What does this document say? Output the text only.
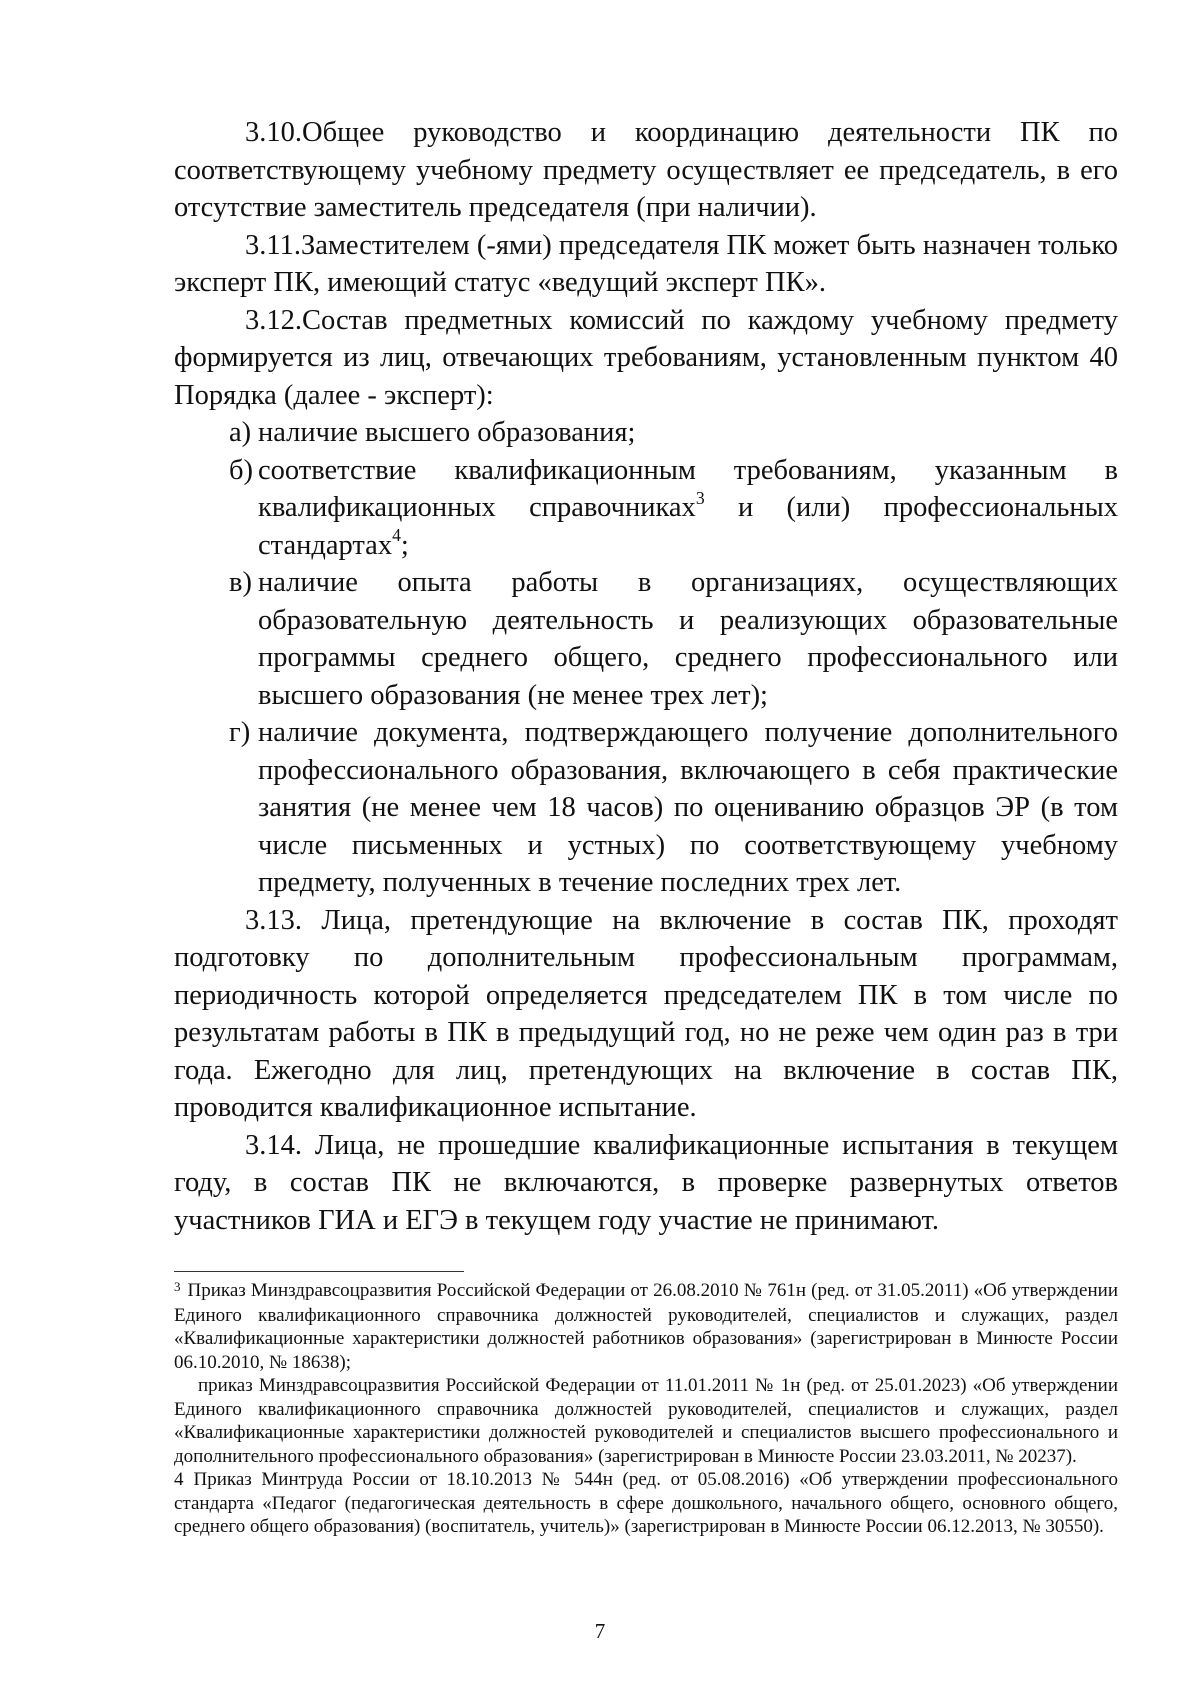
3.10.Общее руководство и координацию деятельности ПК по соответствующему учебному предмету осуществляет ее председатель, в его отсутствие заместитель председателя (при наличии).

3.11.Заместителем (-ями) председателя ПК может быть назначен только эксперт ПК, имеющий статус «ведущий эксперт ПК».

3.12.Состав предметных комиссий по каждому учебному предмету формируется из лиц, отвечающих требованиям, установленным пунктом 40 Порядка (далее - эксперт):

а) наличие высшего образования;
б) соответствие квалификационным требованиям, указанным в квалификационных справочниках$^3$ и (или) профессиональных стандартах$^4$;
в) наличие опыта работы в организациях, осуществляющих образовательную деятельность и реализующих образовательные программы среднего общего, среднего профессионального или высшего образования (не менее трех лет);
г) наличие документа, подтверждающего получение дополнительного профессионального образования, включающего в себя практические занятия (не менее чем 18 часов) по оцениванию образцов ЭР (в том числе письменных и устных) по соответствующему учебному предмету, полученных в течение последних трех лет.

3.13. Лица, претендующие на включение в состав ПК, проходят подготовку по дополнительным профессиональным программам, периодичность которой определяется председателем ПК в том числе по результатам работы в ПК в предыдущий год, но не реже чем один раз в три года. Ежегодно для лиц, претендующих на включение в состав ПК, проводится квалификационное испытание.

3.14. Лица, не прошедшие квалификационные испытания в текущем году, в состав ПК не включаются, в проверке развернутых ответов участников ГИА и ЕГЭ в текущем году участие не принимают.

$^3$ Приказ Минздравсоцразвития Российской Федерации от 26.08.2010 № 761н (ред. от 31.05.2011) «Об утверждении Единого квалификационного справочника должностей руководителей, специалистов и служащих, раздел «Квалификационные характеристики должностей работников образования» (зарегистрирован в Минюсте России 06.10.2010, № 18638);

приказ Минздравсоцразвития Российской Федерации от 11.01.2011 № 1н (ред. от 25.01.2023) «Об утверждении Единого квалификационного справочника должностей руководителей, специалистов и служащих, раздел «Квалификационные характеристики должностей руководителей и специалистов высшего профессионального и дополнительного профессионального образования» (зарегистрирован в Минюсте России 23.03.2011, № 20237).

4 Приказ Минтруда России от 18.10.2013 № 544н (ред. от 05.08.2016) «Об утверждении профессионального стандарта «Педагог (педагогическая деятельность в сфере дошкольного, начального общего, основного общего, среднего общего образования) (воспитатель, учитель)» (зарегистрирован в Минюсте России 06.12.2013, № 30550).

7
